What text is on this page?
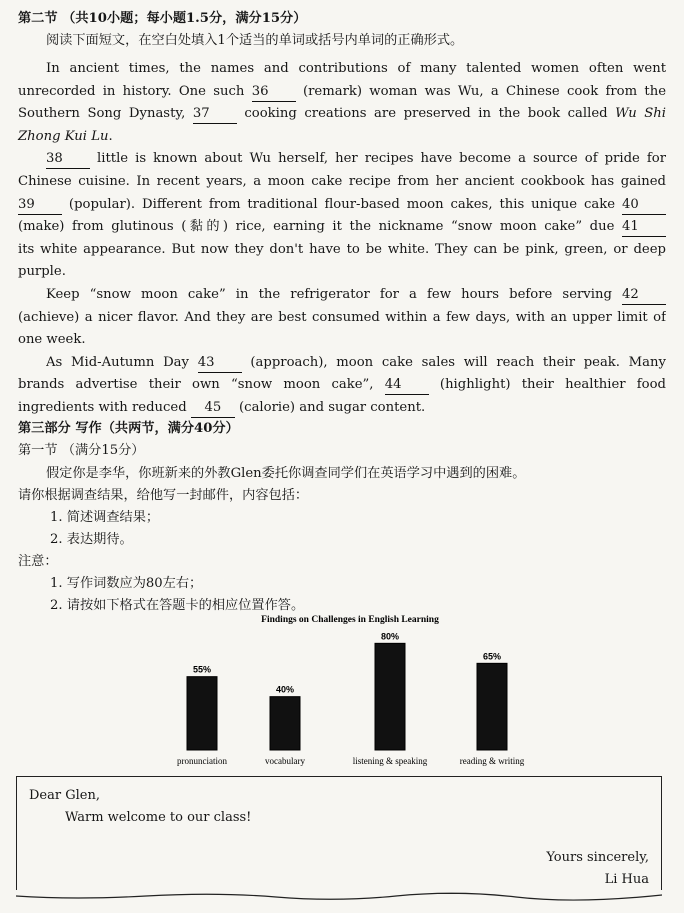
第二节 （共10小题；每小题1.5分，满分15分）
阅读下面短文，在空白处填入1个适当的单词或括号内单词的正确形式。
In ancient times, the names and contributions of many talented women often went
unrecorded in history. One such 36 (remark) woman was Wu, a Chinese cook from the
Southern Song Dynasty, 37 cooking creations are preserved in the book called Wu Shi
Zhong Kui Lu.
38 little is known about Wu herself, her recipes have become a source of pride for
Chinese cuisine. In recent years, a moon cake recipe from her ancient cookbook has gained
39 (popular). Different from traditional flour-based moon cakes, this unique cake 40
(make) from glutinous (黏的) rice, earning it the nickname “snow moon cake” due 41
its white appearance. But now they don't have to be white. They can be pink, green, or deep
purple.
Keep “snow moon cake” in the refrigerator for a few hours before serving 42
(achieve) a nicer flavor. And they are best consumed within a few days, with an upper limit of
one week.
As Mid-Autumn Day 43 (approach), moon cake sales will reach their peak. Many
brands advertise their own “snow moon cake”, 44 (highlight) their healthier food
ingredients with reduced 45 (calorie) and sugar content.
第三部分 写作（共两节，满分40分）
第一节 （满分15分）
假定你是李华，你班新来的外教Glen委托你调查同学们在英语学习中遇到的困难。
请你根据调查结果，给他写一封邮件，内容包括：
1. 简述调查结果；
2. 表达期待。
注意：
1. 写作词数应为80左右；
2. 请按如下格式在答题卡的相应位置作答。
Findings on Challenges in English Learning
55%
pronunciation
40%
vocabulary
80%
listening & speaking
65%
reading & writing
Dear Glen,
Warm welcome to our class!
Yours sincerely,
Li Hua
